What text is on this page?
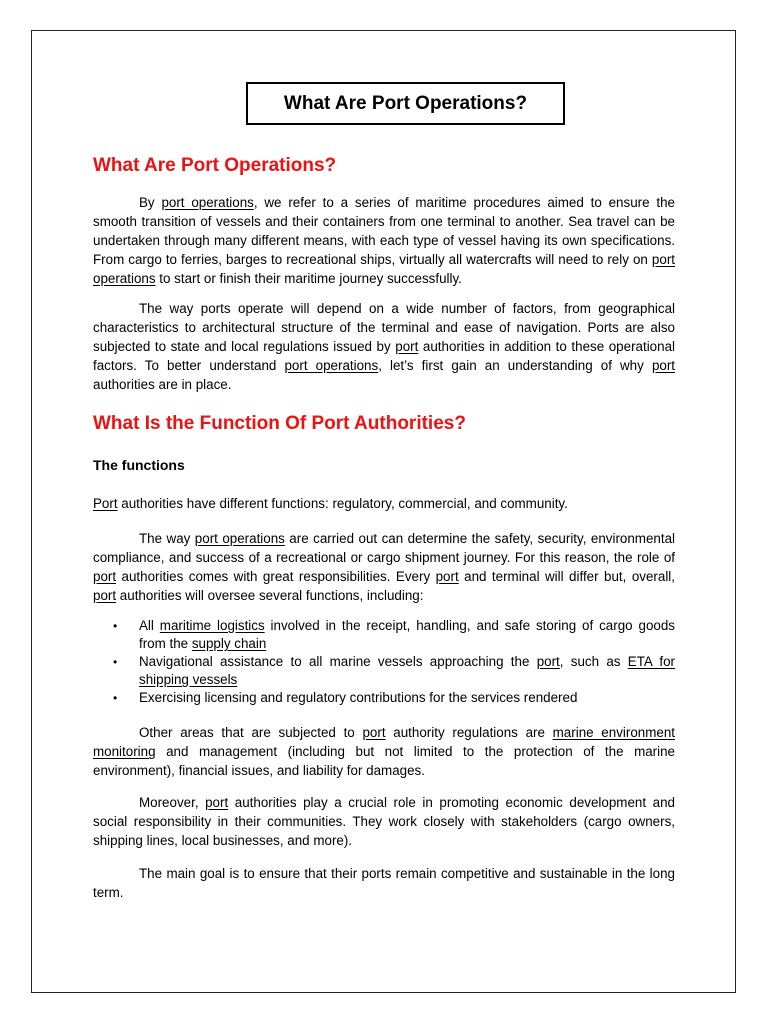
What Are Port Operations?
What Are Port Operations?

By port operations, we refer to a series of maritime procedures aimed to ensure the smooth transition of vessels and their containers from one terminal to another. Sea travel can be undertaken through many different means, with each type of vessel having its own specifications. From cargo to ferries, barges to recreational ships, virtually all watercrafts will need to rely on port operations to start or finish their maritime journey successfully.

The way ports operate will depend on a wide number of factors, from geographical characteristics to architectural structure of the terminal and ease of navigation. Ports are also subjected to state and local regulations issued by port authorities in addition to these operational factors. To better understand port operations, let’s first gain an understanding of why port authorities are in place.

What Is the Function Of Port Authorities?
The functions

Port authorities have different functions: regulatory, commercial, and community.

The way port operations are carried out can determine the safety, security, environmental compliance, and success of a recreational or cargo shipment journey. For this reason, the role of port authorities comes with great responsibilities. Every port and terminal will differ but, overall, port authorities will oversee several functions, including:

• All maritime logistics involved in the receipt, handling, and safe storing of cargo goods from the supply chain
• Navigational assistance to all marine vessels approaching the port, such as ETA for shipping vessels
• Exercising licensing and regulatory contributions for the services rendered

Other areas that are subjected to port authority regulations are marine environment monitoring and management (including but not limited to the protection of the marine environment), financial issues, and liability for damages.

Moreover, port authorities play a crucial role in promoting economic development and social responsibility in their communities. They work closely with stakeholders (cargo owners, shipping lines, local businesses, and more).

The main goal is to ensure that their ports remain competitive and sustainable in the long term.
